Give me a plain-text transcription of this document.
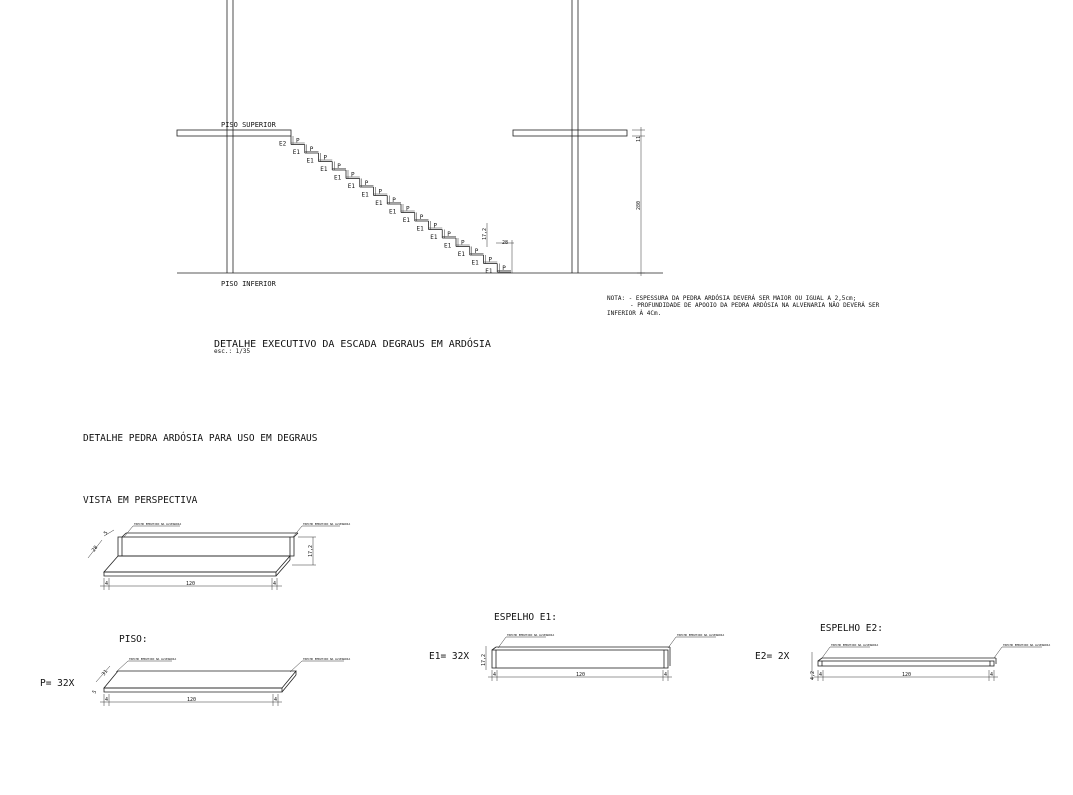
PISO SUPERIOR
PISO INFERIOR
P
E2
P
E1
P
E1
P
E1
P
E1
P
E1
P
E1
P
E1
P
E1
P
E1
P
E1
P
E1
P
E1
P
E1
P
E1
P
E1
11
280
17,2
28
NOTA: - ESPESSURA DA PEDRA ARDÓSIA DEVERÁ SER MAIOR OU IGUAL A 2,5cm;
- PROFUNDIDADE DE APOOIO DA PEDRA ARDÓSIA NA ALVENARIA NÃO DEVERÁ SER
INFERIOR À 4Cm.
DETALHE EXECUTIVO DA ESCADA DEGRAUS EM ARDÓSIA
esc.: 1/35
DETALHE PEDRA ARDÓSIA PARA USO EM DEGRAUS
VISTA EM PERSPECTIVA
TRECHO EMBUTIDO NA ALVENARIA	TRECHO EMBUTIDO NA ALVENARIA
28
5
17,2
4	120	4
PISO:
P= 32X
TRECHO EMBUTIDO NA ALVENARIA	TRECHO EMBUTIDO NA ALVENARIA
31
5
4	120	4
ESPELHO E1:
E1= 32X
TRECHO EMBUTIDO NA ALVENARIA	TRECHO EMBUTIDO NA ALVENARIA
17,2
4	120	4
ESPELHO E2:
E2= 2X
TRECHO EMBUTIDO NA ALVENARIA	TRECHO EMBUTIDO NA ALVENARIA
4,2 4	120	4
